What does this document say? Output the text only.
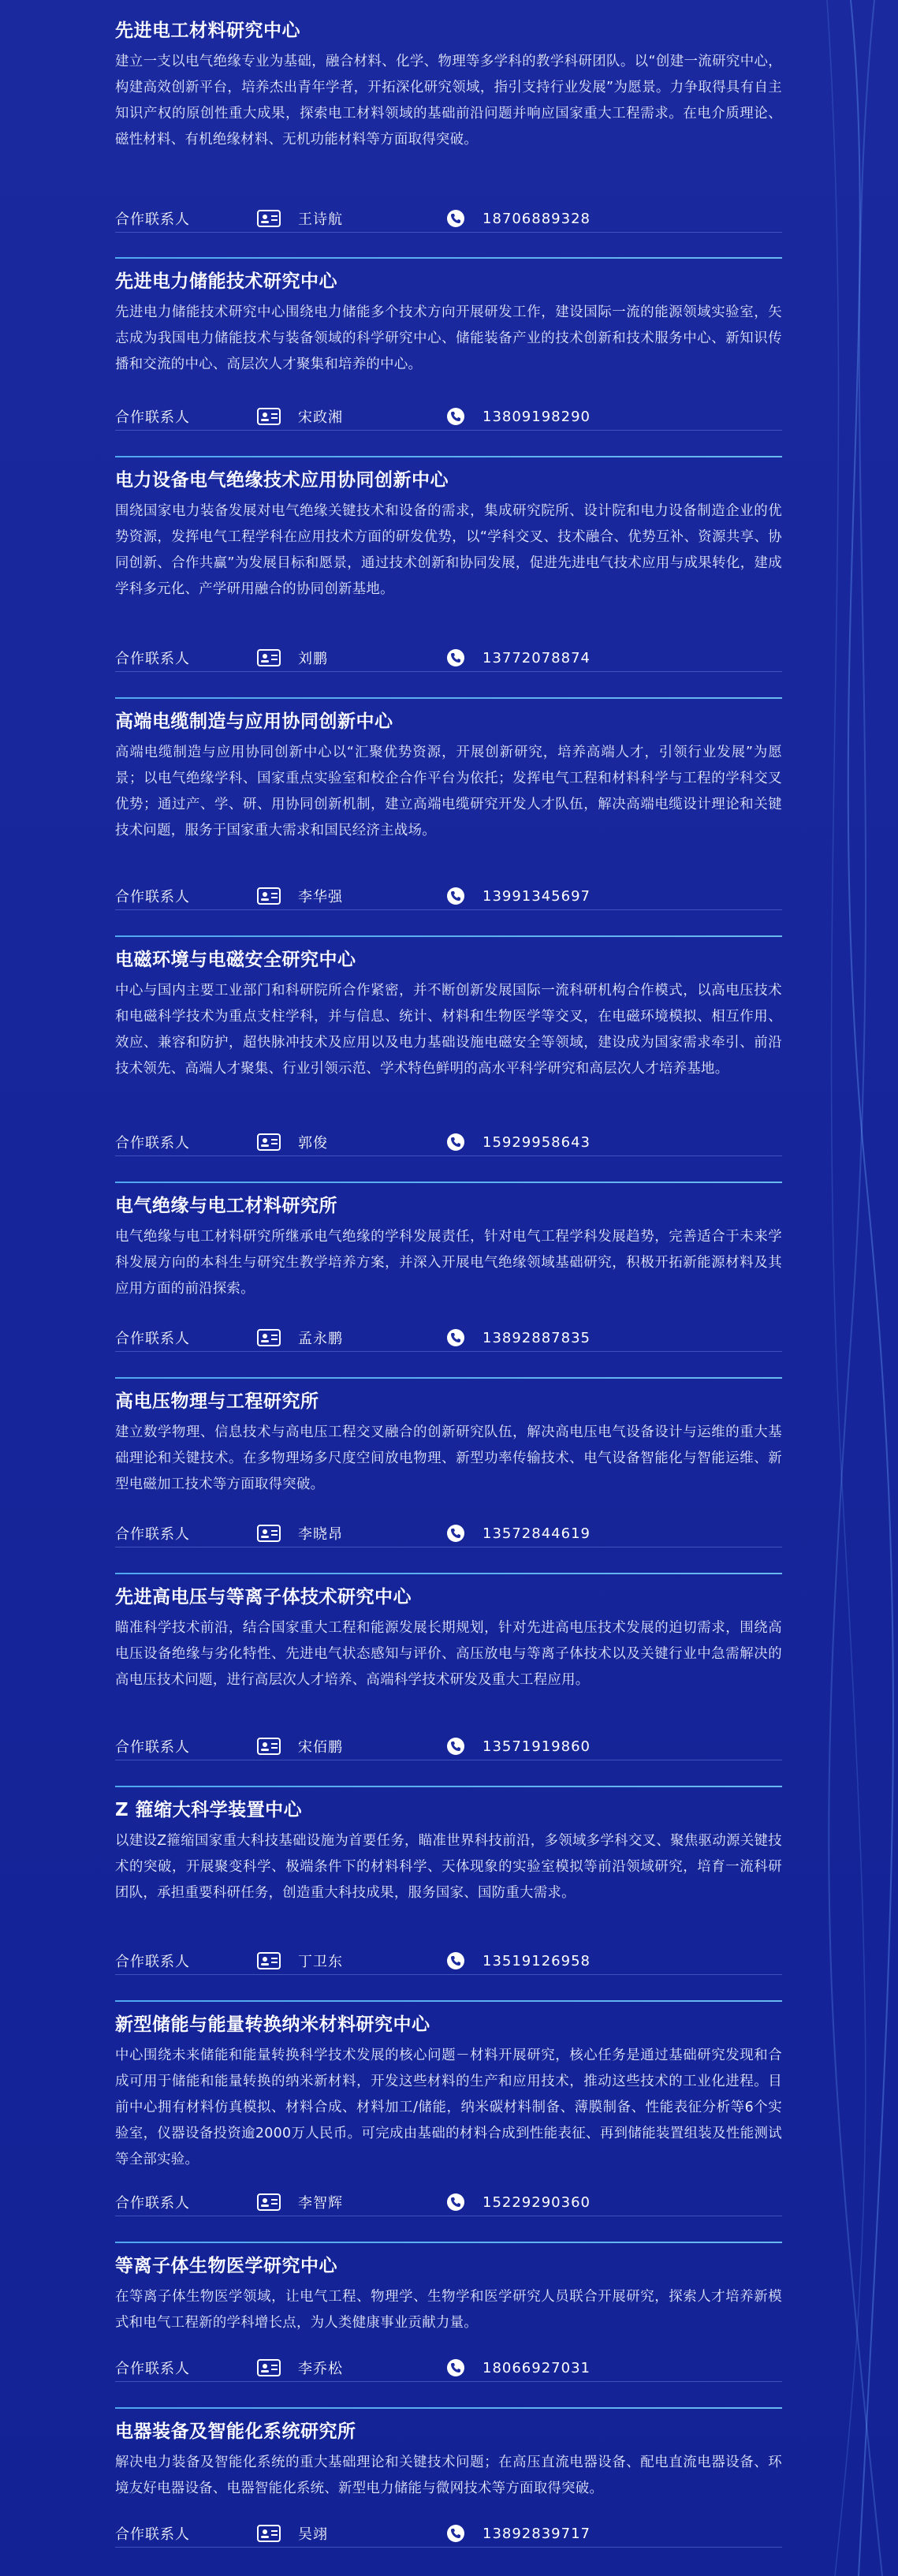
先进电工材料研究中心

建立一支以电气绝缘专业为基础，融合材料、化学、物理等多学科的教学科研团队。以“创建一流研究中心，构建高效创新平台，培养杰出青年学者，开拓深化研究领域，指引支持行业发展”为愿景。力争取得具有自主知识产权的原创性重大成果，探索电工材料领域的基础前沿问题并响应国家重大工程需求。在电介质理论、磁性材料、有机绝缘材料、无机功能材料等方面取得突破。

合作联系人	王诗航	18706889328
先进电力储能技术研究中心

先进电力储能技术研究中心围绕电力储能多个技术方向开展研发工作，建设国际一流的能源领域实验室，矢志成为我国电力储能技术与装备领域的科学研究中心、储能装备产业的技术创新和技术服务中心、新知识传播和交流的中心、高层次人才聚集和培养的中心。

合作联系人	宋政湘	13809198290
电力设备电气绝缘技术应用协同创新中心

围绕国家电力装备发展对电气绝缘关键技术和设备的需求，集成研究院所、设计院和电力设备制造企业的优势资源，发挥电气工程学科在应用技术方面的研发优势，以“学科交叉、技术融合、优势互补、资源共享、协同创新、合作共赢”为发展目标和愿景，通过技术创新和协同发展，促进先进电气技术应用与成果转化，建成学科多元化、产学研用融合的协同创新基地。

合作联系人	刘鹏	13772078874
高端电缆制造与应用协同创新中心

高端电缆制造与应用协同创新中心以“汇聚优势资源，开展创新研究，培养高端人才，引领行业发展”为愿景；以电气绝缘学科、国家重点实验室和校企合作平台为依托；发挥电气工程和材料科学与工程的学科交叉优势；通过产、学、研、用协同创新机制，建立高端电缆研究开发人才队伍，解决高端电缆设计理论和关键技术问题，服务于国家重大需求和国民经济主战场。

合作联系人	李华强	13991345697
电磁环境与电磁安全研究中心

中心与国内主要工业部门和科研院所合作紧密，并不断创新发展国际一流科研机构合作模式，以高电压技术和电磁科学技术为重点支柱学科，并与信息、统计、材料和生物医学等交叉，在电磁环境模拟、相互作用、效应、兼容和防护，超快脉冲技术及应用以及电力基础设施电磁安全等领域，建设成为国家需求牵引、前沿技术领先、高端人才聚集、行业引领示范、学术特色鲜明的高水平科学研究和高层次人才培养基地。

合作联系人	郭俊	15929958643
电气绝缘与电工材料研究所

电气绝缘与电工材料研究所继承电气绝缘的学科发展责任，针对电气工程学科发展趋势，完善适合于未来学科发展方向的本科生与研究生教学培养方案，并深入开展电气绝缘领域基础研究，积极开拓新能源材料及其应用方面的前沿探索。

合作联系人	孟永鹏	13892887835
高电压物理与工程研究所

建立数学物理、信息技术与高电压工程交叉融合的创新研究队伍，解决高电压电气设备设计与运维的重大基础理论和关键技术。在多物理场多尺度空间放电物理、新型功率传输技术、电气设备智能化与智能运维、新型电磁加工技术等方面取得突破。

合作联系人	李晓昂	13572844619
先进高电压与等离子体技术研究中心

瞄准科学技术前沿，结合国家重大工程和能源发展长期规划，针对先进高电压技术发展的迫切需求，围绕高电压设备绝缘与劣化特性、先进电气状态感知与评价、高压放电与等离子体技术以及关键行业中急需解决的高电压技术问题，进行高层次人才培养、高端科学技术研发及重大工程应用。

合作联系人	宋佰鹏	13571919860
Z 箍缩大科学装置中心

以建设Z箍缩国家重大科技基础设施为首要任务，瞄准世界科技前沿，多领域多学科交叉、聚焦驱动源关键技术的突破，开展聚变科学、极端条件下的材料科学、天体现象的实验室模拟等前沿领域研究，培育一流科研团队，承担重要科研任务，创造重大科技成果，服务国家、国防重大需求。

合作联系人	丁卫东	13519126958
新型储能与能量转换纳米材料研究中心

中心围绕未来储能和能量转换科学技术发展的核心问题－材料开展研究，核心任务是通过基础研究发现和合成可用于储能和能量转换的纳米新材料，开发这些材料的生产和应用技术，推动这些技术的工业化进程。目前中心拥有材料仿真模拟、材料合成、材料加工/储能，纳米碳材料制备、薄膜制备、性能表征分析等6个实验室，仪器设备投资逾2000万人民币。可完成由基础的材料合成到性能表征、再到储能装置组装及性能测试等全部实验。

合作联系人	李智辉	15229290360
等离子体生物医学研究中心

在等离子体生物医学领域，让电气工程、物理学、生物学和医学研究人员联合开展研究，探索人才培养新模式和电气工程新的学科增长点，为人类健康事业贡献力量。

合作联系人	李乔松	18066927031
电器装备及智能化系统研究所

解决电力装备及智能化系统的重大基础理论和关键技术问题；在高压直流电器设备、配电直流电器设备、环境友好电器设备、电器智能化系统、新型电力储能与微网技术等方面取得突破。

合作联系人	吴翊	13892839717
